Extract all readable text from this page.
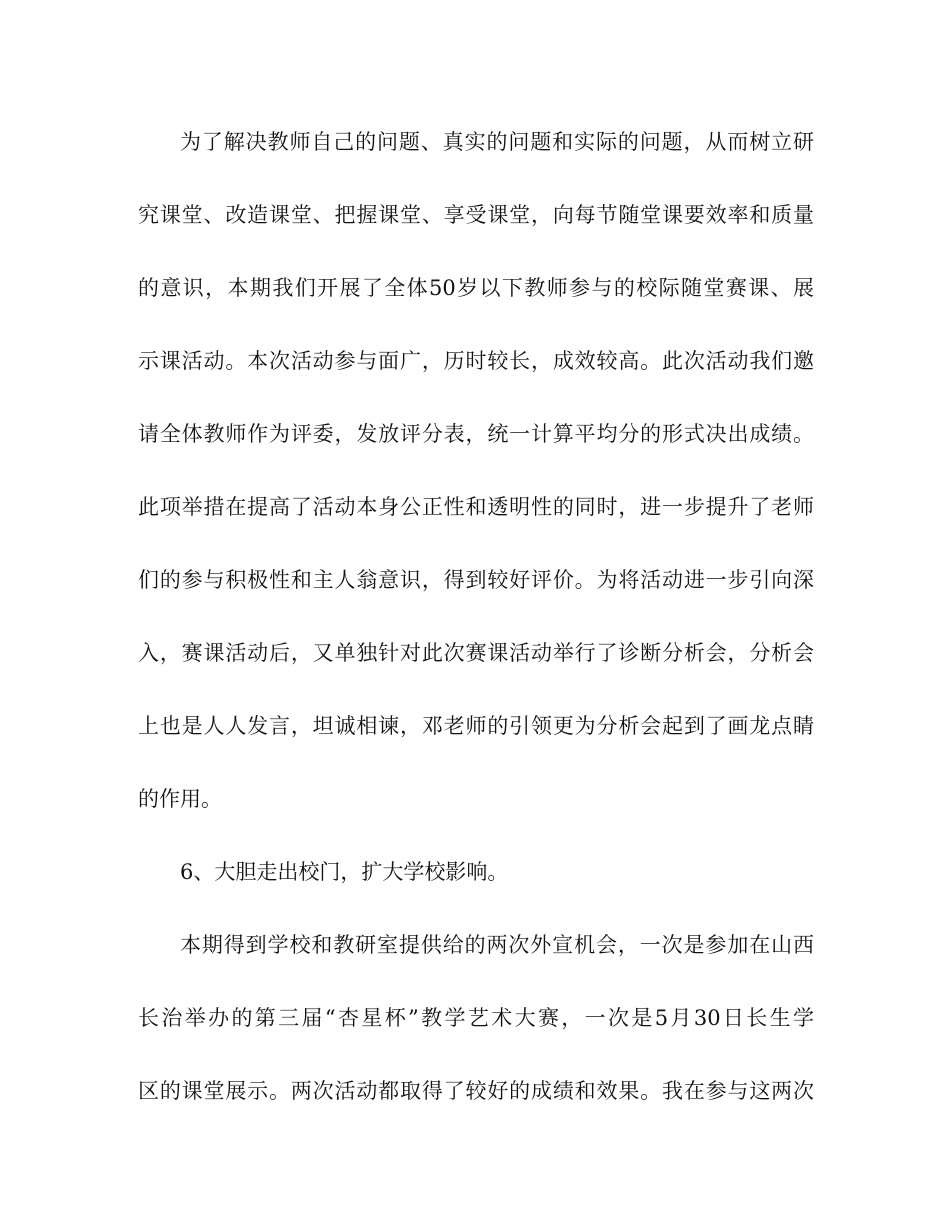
为了解决教师自己的问题、真实的问题和实际的问题，从而树立研
究课堂、改造课堂、把握课堂、享受课堂，向每节随堂课要效率和质量
的意识，本期我们开展了全体50岁以下教师参与的校际随堂赛课、展
示课活动。本次活动参与面广，历时较长，成效较高。此次活动我们邀
请全体教师作为评委，发放评分表，统一计算平均分的形式决出成绩。
此项举措在提高了活动本身公正性和透明性的同时，进一步提升了老师
们的参与积极性和主人翁意识，得到较好评价。为将活动进一步引向深
入，赛课活动后，又单独针对此次赛课活动举行了诊断分析会，分析会
上也是人人发言，坦诚相谏，邓老师的引领更为分析会起到了画龙点睛
的作用。
6、大胆走出校门，扩大学校影响。
本期得到学校和教研室提供给的两次外宣机会，一次是参加在山西
长治举办的第三届“杏星杯”教学艺术大赛，一次是5月30日长生学
区的课堂展示。两次活动都取得了较好的成绩和效果。我在参与这两次
